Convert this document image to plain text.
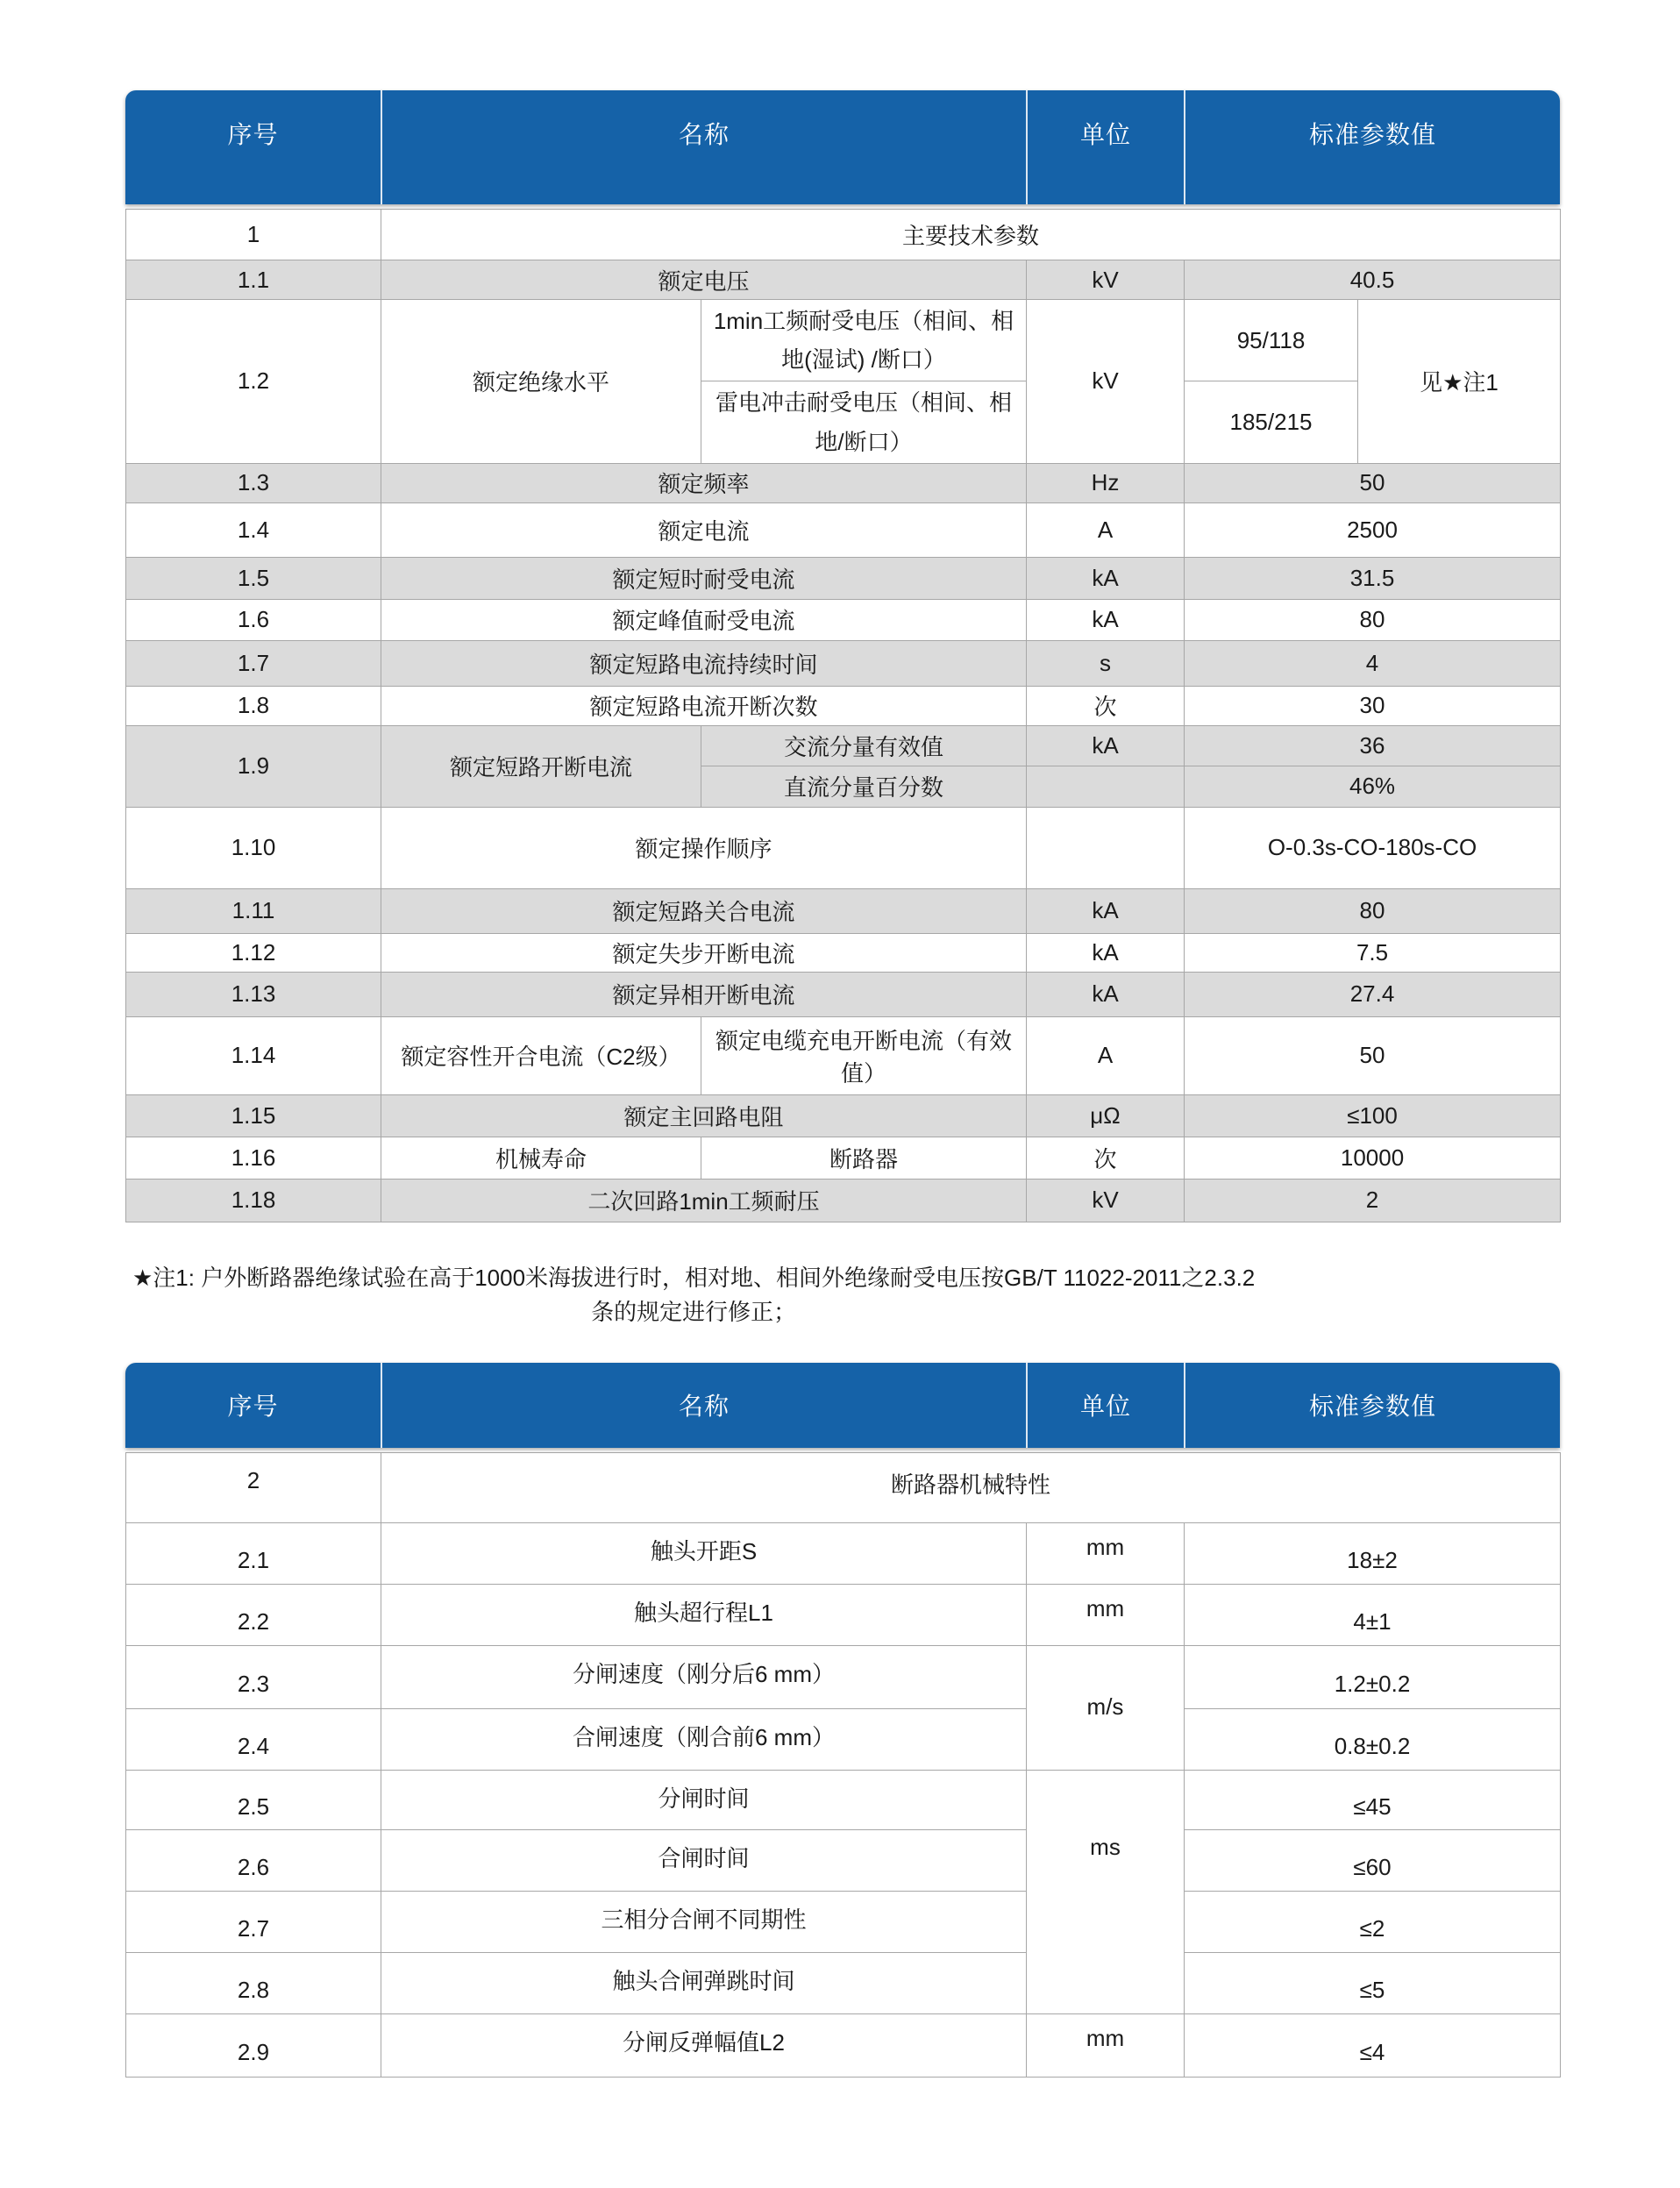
序号	名称	单位	标准参数值
1	主要技术参数				
1.1	额定电压		kV	40.5	
1.2	额定绝缘水平	1min工频耐受电压（相间、相地(湿试) /断口）	kV	95/118	见★注1
		雷电冲击耐受电压（相间、相地/断口）		185/215	
1.3	额定频率		Hz	50	
1.4	额定电流		A	2500	
1.5	额定短时耐受电流		kA	31.5	
1.6	额定峰值耐受电流		kA	80	
1.7	额定短路电流持续时间		s	4	
1.8	额定短路电流开断次数		次	30	
1.9	额定短路开断电流	交流分量有效值	kA	36	
		直流分量百分数		46%	
1.10	额定操作顺序			O-0.3s-CO-180s-CO	
1.11	额定短路关合电流		kA	80	
1.12	额定失步开断电流		kA	7.5	
1.13	额定异相开断电流		kA	27.4	
1.14	额定容性开合电流（C2级）	额定电缆充电开断电流（有效值）	A	50	
1.15	额定主回路电阻		μΩ	≤100	
1.16	机械寿命	断路器	次	10000	
1.18	二次回路1min工频耐压		kV	2	
★注1: 户外断路器绝缘试验在高于1000米海拔进行时，相对地、相间外绝缘耐受电压按GB/T 11022-2011之2.3.2
条的规定进行修正；
序号	名称	单位	标准参数值
2	断路器机械特性		
2.1	触头开距S	mm	18±2
2.2	触头超行程L1	mm	4±1
2.3	分闸速度（刚分后6 mm）	m/s	1.2±0.2
2.4	合闸速度（刚合前6 mm）		0.8±0.2
2.5	分闸时间	ms	≤45
2.6	合闸时间		≤60
2.7	三相分合闸不同期性		≤2
2.8	触头合闸弹跳时间		≤5
2.9	分闸反弹幅值L2	mm	≤4
